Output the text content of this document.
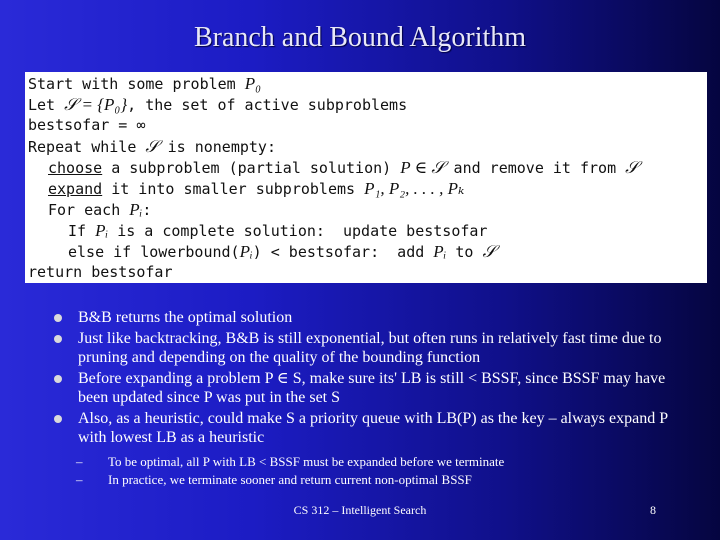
Branch and Bound Algorithm
Start with some problem P₀
Let 𝒮 = {P₀}, the set of active subproblems
bestsofar = ∞
Repeat while 𝒮 is nonempty:
choose a subproblem (partial solution) P ∈ 𝒮 and remove it from 𝒮
expand it into smaller subproblems P₁, P₂, . . . , Pₖ
For each Pᵢ:
If Pᵢ is a complete solution:  update bestsofar
else if lowerbound(Pᵢ) < bestsofar:  add Pᵢ to 𝒮
return bestsofar
B&B returns the optimal solution
Just like backtracking, B&B is still exponential, but often runs in relatively fast time due to pruning and depending on the quality of the bounding function
Before expanding a problem P ∈ S, make sure its' LB is still < BSSF, since BSSF may have been updated since P was put in the set S
Also, as a heuristic, could make S a priority queue with LB(P) as the key – always expand P with lowest LB as a heuristic
– To be optimal, all P with LB < BSSF must be expanded before we terminate
– In practice, we terminate sooner and return current non-optimal BSSF
CS 312 – Intelligent Search	8
